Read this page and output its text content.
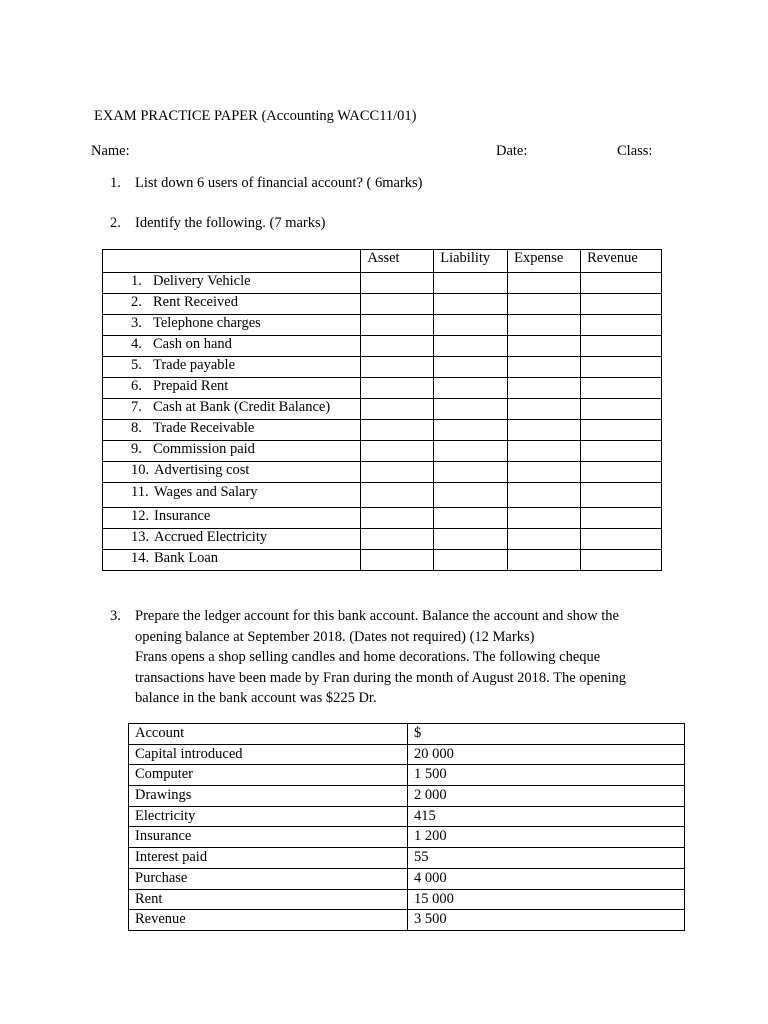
EXAM PRACTICE PAPER (Accounting WACC11/01)
Name:	Date:	Class:
1. List down 6 users of financial account? ( 6marks)
2. Identify the following. (7 marks)
	Asset	Liability	Expense	Revenue
1. Delivery Vehicle				
2. Rent Received				
3. Telephone charges				
4. Cash on hand				
5. Trade payable				
6. Prepaid Rent				
7. Cash at Bank (Credit Balance)				
8. Trade Receivable				
9. Commission paid				
10. Advertising cost				
11. Wages and Salary				
12. Insurance				
13. Accrued Electricity				
14. Bank Loan				
3. Prepare the ledger account for this bank account. Balance the account and show the
opening balance at September 2018. (Dates not required) (12 Marks)
Frans opens a shop selling candles and home decorations. The following cheque
transactions have been made by Fran during the month of August 2018. The opening
balance in the bank account was $225 Dr.
Account	$
Capital introduced	20 000
Computer	1 500
Drawings	2 000
Electricity	415
Insurance	1 200
Interest paid	55
Purchase	4 000
Rent	15 000
Revenue	3 500
